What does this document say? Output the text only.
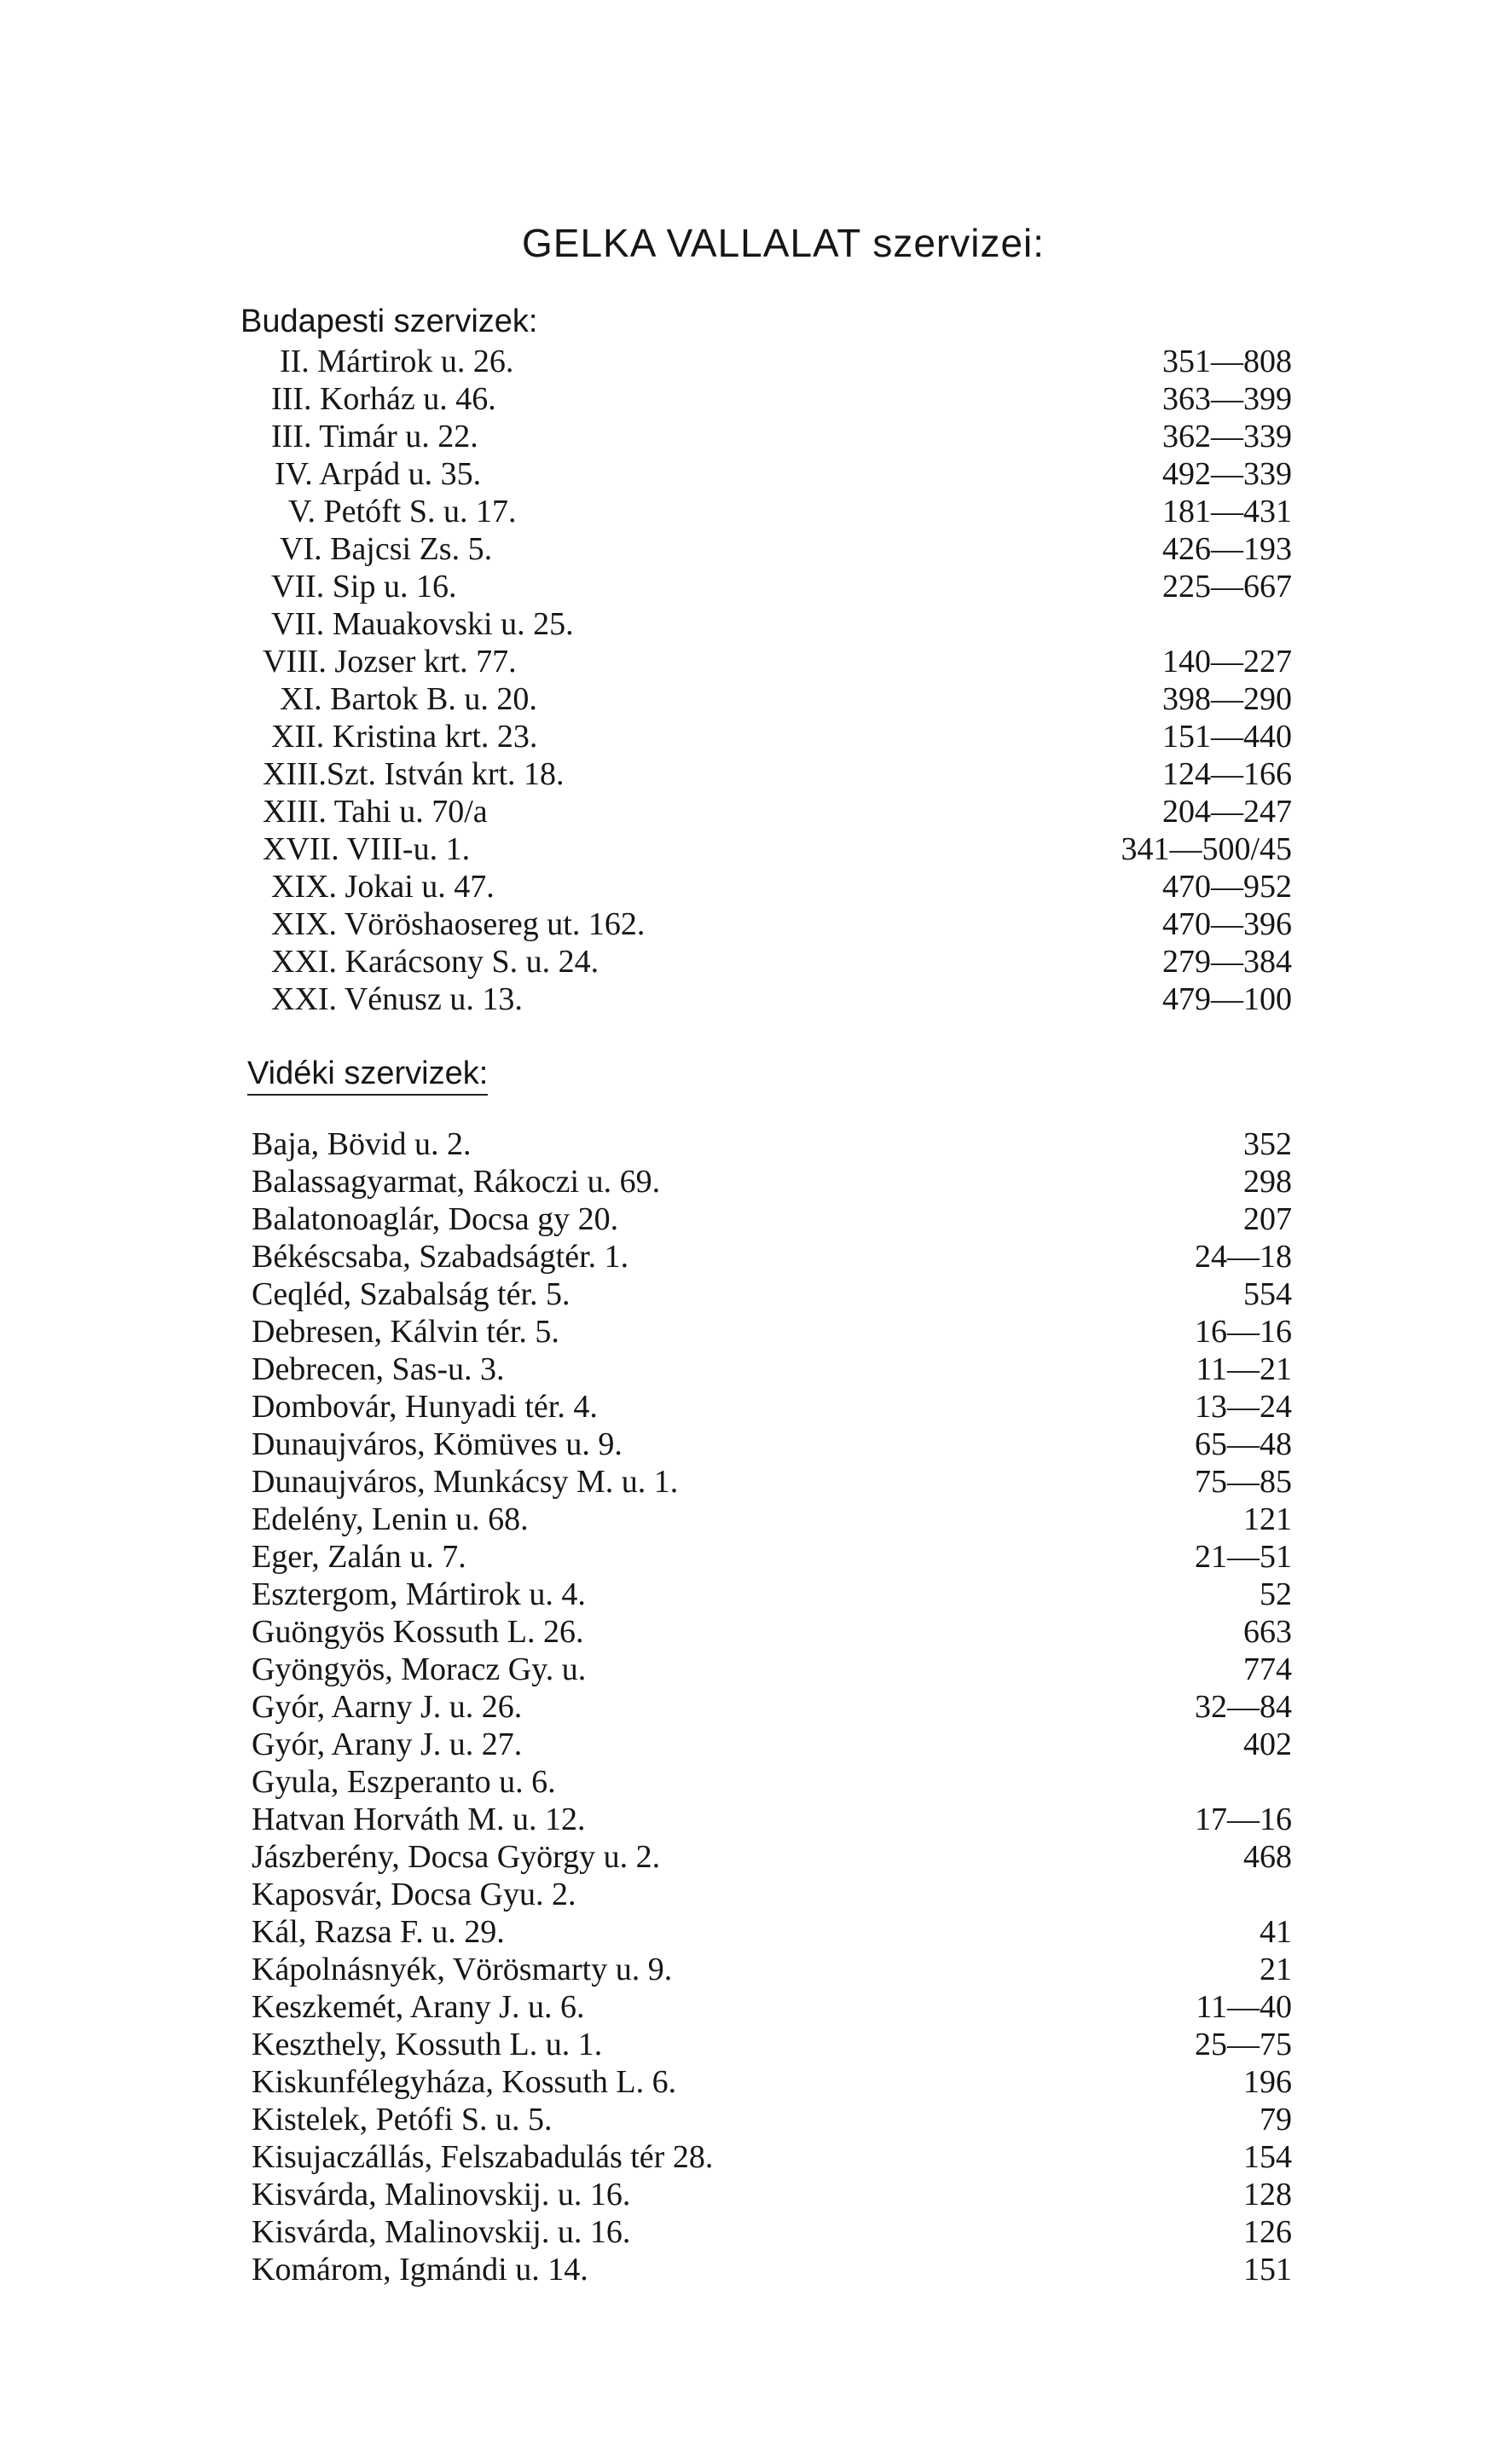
GELKA VALLALAT szervizei:
Budapesti szervizek:
II. Mártirok u. 26.
III. Korház u. 46.
III. Timár u. 22.
IV. Arpád u. 35.
V. Petóft S. u. 17.
VI. Bajcsi Zs. 5.
VII. Sip u. 16.
VII. Mauakovski u. 25.
VIII. Jozser krt. 77.
XI. Bartok B. u. 20.
XII. Kristina krt. 23.
XIII.Szt. István krt. 18.
XIII. Tahi u. 70/a
XVII. VIII-u. 1.
XIX. Jokai u. 47.
XIX. Vöröshaosereg ut. 162.
XXI. Karácsony S. u. 24.
XXI. Vénusz u. 13.
351—808
363—399
362—339
492—339
181—431
426—193
225—667
140—227
398—290
151—440
124—166
204—247
341—500/45
470—952
470—396
279—384
479—100
Vidéki szervizek:
Baja, Bövid u. 2.
Balassagyarmat, Rákoczi u. 69.
Balatonoaglár, Docsa gy 20.
Békéscsaba, Szabadságtér. 1.
Ceqléd, Szabalság tér. 5.
Debresen, Kálvin tér. 5.
Debrecen, Sas-u. 3.
Dombovár, Hunyadi tér. 4.
Dunaujváros, Kömüves u. 9.
Dunaujváros, Munkácsy M. u. 1.
Edelény, Lenin u. 68.
Eger, Zalán u. 7.
Esztergom, Mártirok u. 4.
Guöngyös Kossuth L. 26.
Gyöngyös, Moracz Gy. u.
Gyór, Aarny J. u. 26.
Gyór, Arany J. u. 27.
Gyula, Eszperanto u. 6.
Hatvan Horváth M. u. 12.
Jászberény, Docsa György u. 2.
Kaposvár, Docsa Gyu. 2.
Kál, Razsa F. u. 29.
Kápolnásnyék, Vörösmarty u. 9.
Keszkemét, Arany J. u. 6.
Keszthely, Kossuth L. u. 1.
Kiskunfélegyháza, Kossuth L. 6.
Kistelek, Petófi S. u. 5.
Kisujaczállás, Felszabadulás tér 28.
Kisvárda, Malinovskij. u. 16.
Kisvárda, Malinovskij. u. 16.
Komárom, Igmándi u. 14.
352
298
207
24—18
554
16—16
11—21
13—24
65—48
75—85
121
21—51
52
663
774
32—84
402
17—16
468
41
21
11—40
25—75
196
79
154
128
126
151
